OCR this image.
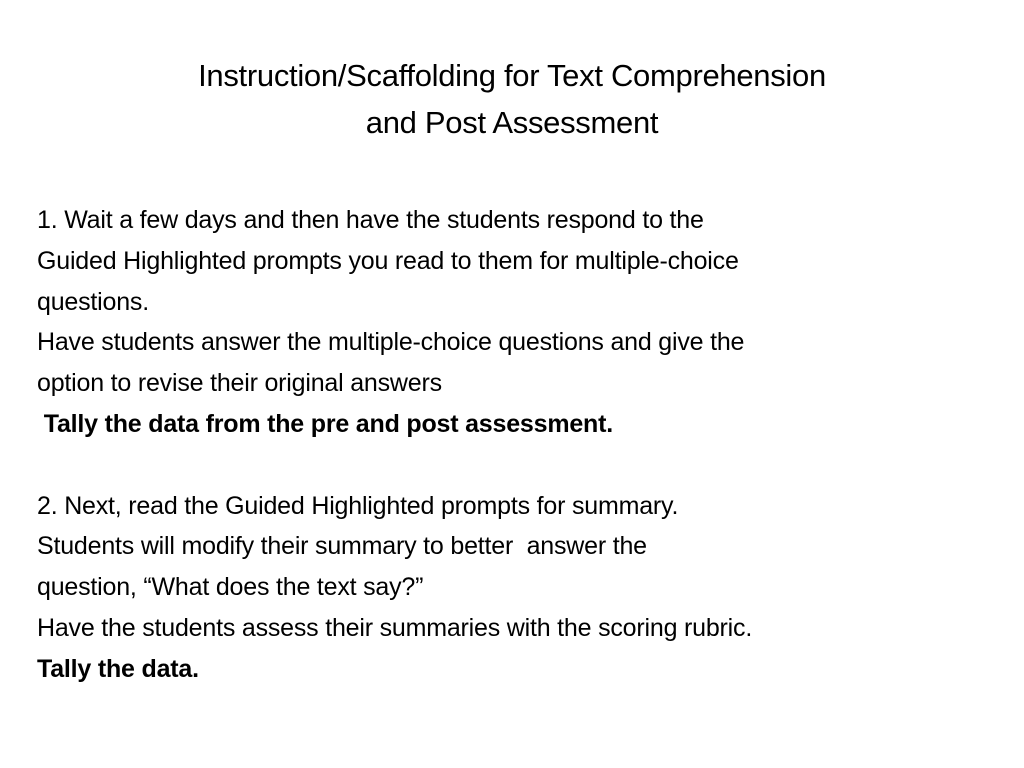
Instruction/Scaffolding for Text Comprehension
and Post Assessment
1. Wait a few days and then have the students respond to the
Guided Highlighted prompts you read to them for multiple-choice
questions.
Have students answer the multiple-choice questions and give the
option to revise their original answers
Tally the data from the pre and post assessment.
2. Next, read the Guided Highlighted prompts for summary.
Students will modify their summary to better  answer the
question, “What does the text say?”
Have the students assess their summaries with the scoring rubric.
Tally the data.
